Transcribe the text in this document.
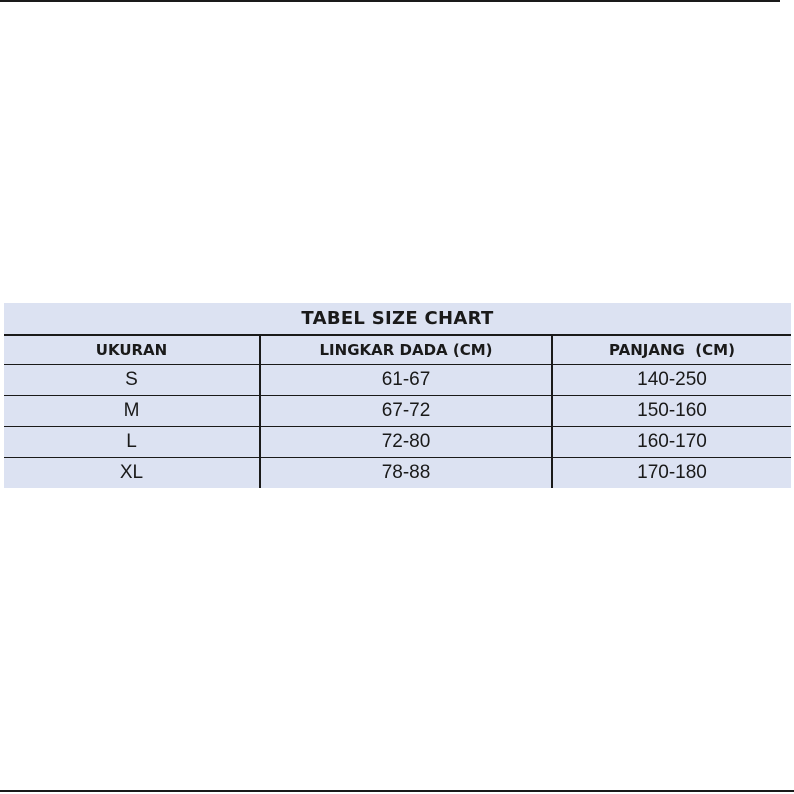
TABEL SIZE CHART		
UKURAN	LINGKAR DADA (CM)	PANJANG  (CM)
S	61-67	140-250
M	67-72	150-160
L	72-80	160-170
XL	78-88	170-180
